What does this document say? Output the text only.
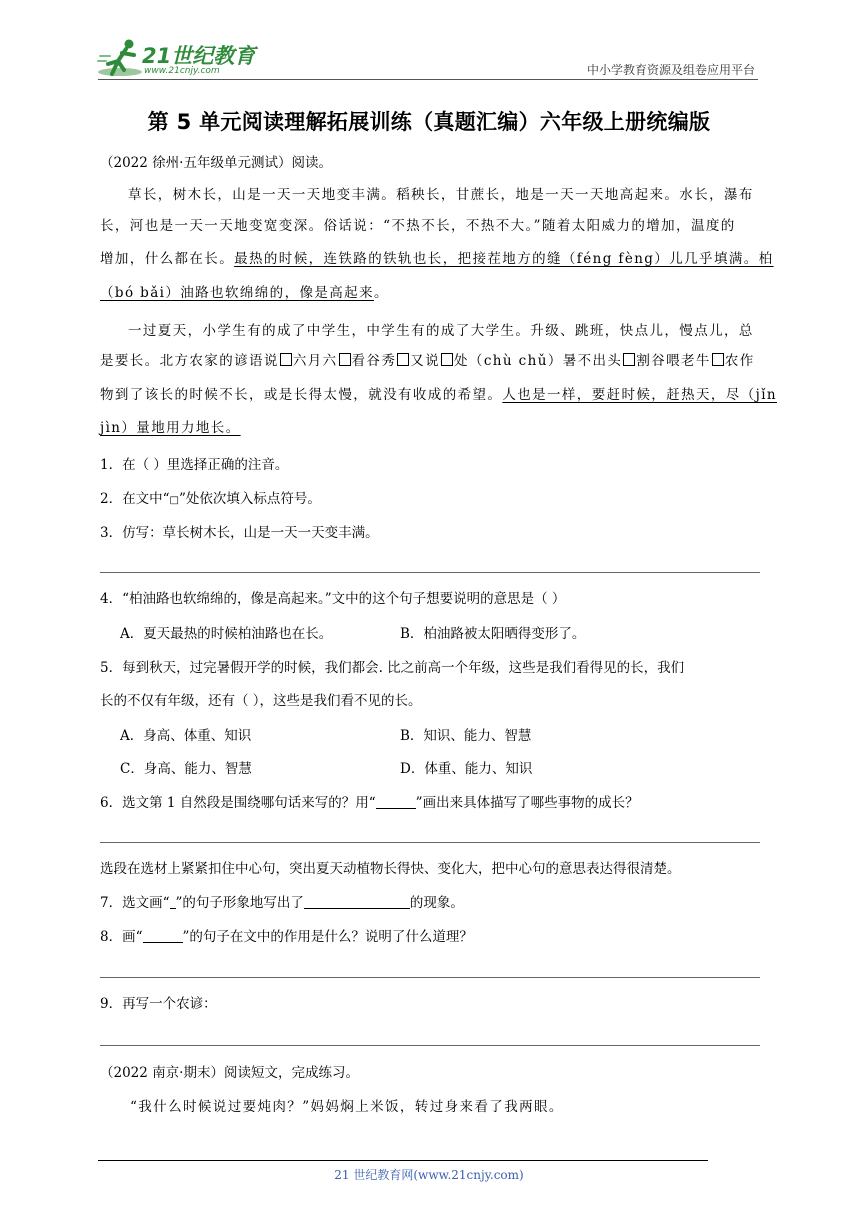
21世纪教育
www.21cnjy.com	中小学教育资源及组卷应用平台
第 5 单元阅读理解拓展训练（真题汇编）六年级上册统编版
（2022 徐州·五年级单元测试）阅读。
草长，树木长，山是一天一天地变丰满。稻秧长，甘蔗长，地是一天一天地高起来。水长，瀑布
长，河也是一天一天地变宽变深。俗话说：“不热不长，不热不大。”随着太阳威力的增加，温度的
增加，什么都在长。最热的时候，连铁路的铁轨也长，把接茬地方的缝（féng fèng）儿几乎填满。柏
（bó bǎi）油路也软绵绵的，像是高起来。
一过夏天，小学生有的成了中学生，中学生有的成了大学生。升级、跳班，快点儿，慢点儿，总
是要长。北方农家的谚语说 六月六 看谷秀 又说 处（chù chǔ）暑不出头 割谷喂老牛 农作
物到了该长的时候不长，或是长得太慢，就没有收成的希望。人也是一样，要赶时候，赶热天，尽（jǐn
jìn）量地用力地长。
1．在（ ）里选择正确的注音。
2．在文中“□”处依次填入标点符号。
3．仿写：草长树木长，山是一天一天变丰满。
4．“柏油路也软绵绵的，像是高起来。”文中的这个句子想要说明的意思是（ ）
A．夏天最热的时候柏油路也在长。	B．柏油路被太阳晒得变形了。
5．每到秋天，过完暑假开学的时候，我们都会. 比之前高一个年级，这些是我们看得见的长，我们
长的不仅有年级，还有（ ），这些是我们看不见的长。
A．身高、体重、知识	B．知识、能力、智慧
C．身高、能力、智慧	D．体重、能力、知识
6．选文第 1 自然段是围绕哪句话来写的？用“	”画出来具体描写了哪些事物的成长？
选段在选材上紧紧扣住中心句，突出夏天动植物长得快、变化大，把中心句的意思表达得很清楚。
7．选文画“ ”的句子形象地写出了	的现象。
8．画“	”的句子在文中的作用是什么？说明了什么道理？
9．再写一个农谚：
（2022 南京·期末）阅读短文，完成练习。
“我什么时候说过要炖肉？”妈妈焖上米饭，转过身来看了我两眼。
21 世纪教育网(www.21cnjy.com)
